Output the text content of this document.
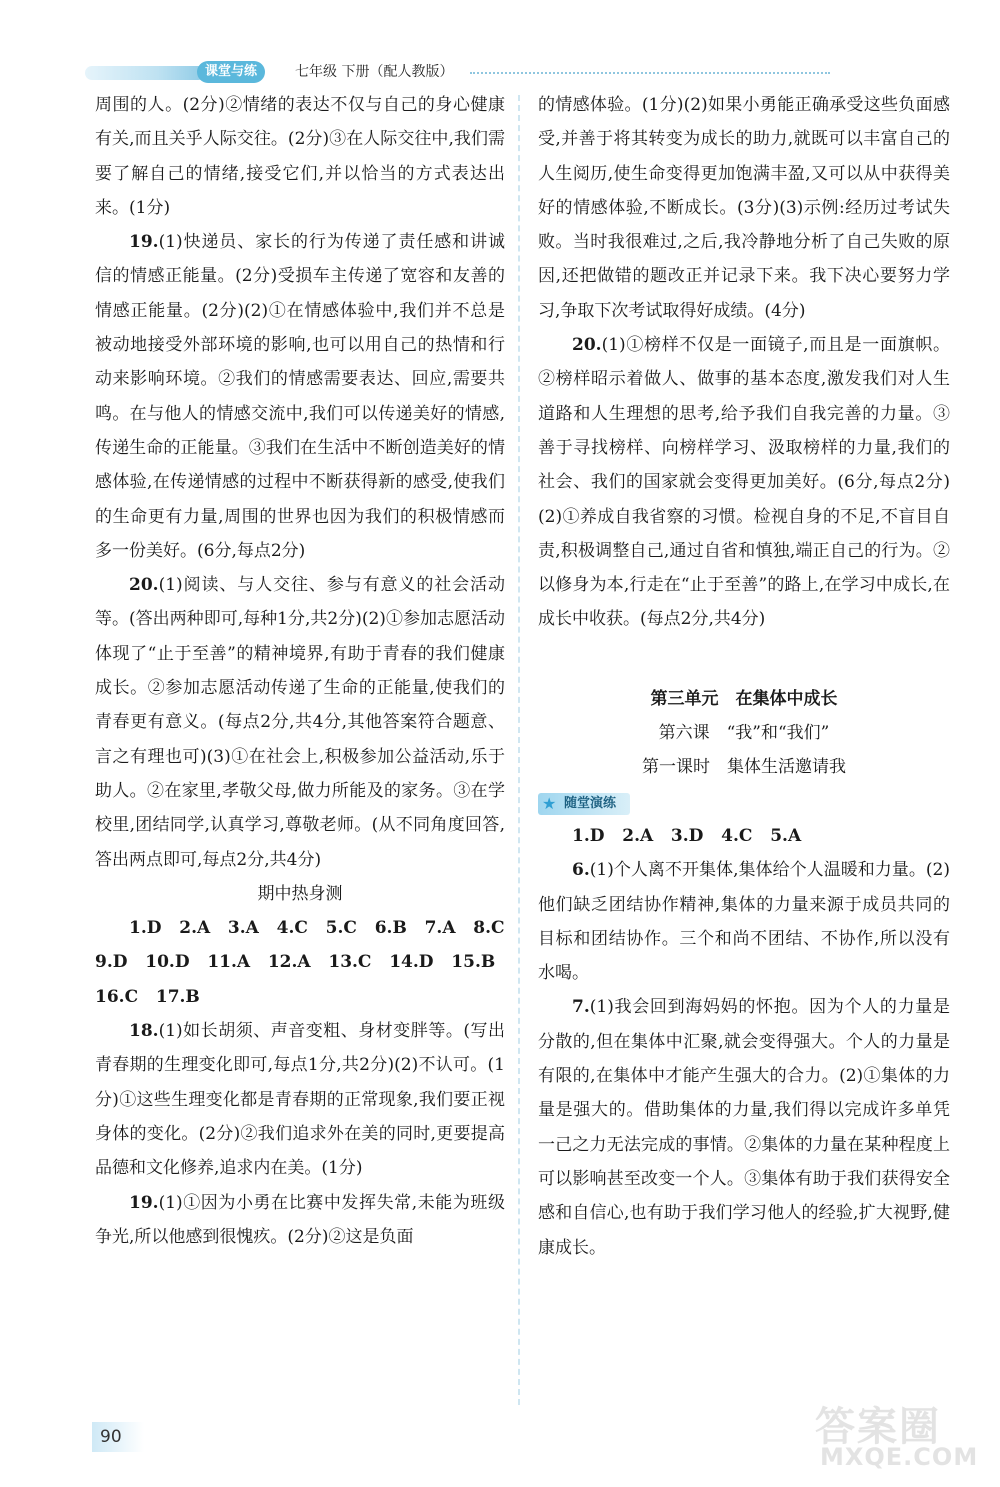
课堂与练	七年级 下册（配人教版）

周围的人。(2分)②情绪的表达不仅与自己的身心健康有关,而且关乎人际交往。(2分)③在人际交往中,我们需要了解自己的情绪,接受它们,并以恰当的方式表达出来。(1分)

19.(1)快递员、家长的行为传递了责任感和讲诚信的情感正能量。(2分)受损车主传递了宽容和友善的情感正能量。(2分)(2)①在情感体验中,我们并不总是被动地接受外部环境的影响,也可以用自己的热情和行动来影响环境。②我们的情感需要表达、回应,需要共鸣。在与他人的情感交流中,我们可以传递美好的情感,传递生命的正能量。③我们在生活中不断创造美好的情感体验,在传递情感的过程中不断获得新的感受,使我们的生命更有力量,周围的世界也因为我们的积极情感而多一份美好。(6分,每点2分)

20.(1)阅读、与人交往、参与有意义的社会活动等。(答出两种即可,每种1分,共2分)(2)①参加志愿活动体现了“止于至善”的精神境界,有助于青春的我们健康成长。②参加志愿活动传递了生命的正能量,使我们的青春更有意义。(每点2分,共4分,其他答案符合题意、言之有理也可)(3)①在社会上,积极参加公益活动,乐于助人。②在家里,孝敬父母,做力所能及的家务。③在学校里,团结同学,认真学习,尊敬老师。(从不同角度回答,答出两点即可,每点2分,共4分)

期中热身测

1.D   2.A   3.A   4.C   5.C   6.B   7.A   8.C

9.D   10.D   11.A   12.A   13.C   14.D   15.B

16.C   17.B

18.(1)如长胡须、声音变粗、身材变胖等。(写出青春期的生理变化即可,每点1分,共2分)(2)不认可。(1分)①这些生理变化都是青春期的正常现象,我们要正视身体的变化。(2分)②我们追求外在美的同时,更要提高品德和文化修养,追求内在美。(1分)

19.(1)①因为小勇在比赛中发挥失常,未能为班级争光,所以他感到很愧疚。(2分)②这是负面

的情感体验。(1分)(2)如果小勇能正确承受这些负面感受,并善于将其转变为成长的助力,就既可以丰富自己的人生阅历,使生命变得更加饱满丰盈,又可以从中获得美好的情感体验,不断成长。(3分)(3)示例:经历过考试失败。当时我很难过,之后,我冷静地分析了自己失败的原因,还把做错的题改正并记录下来。我下决心要努力学习,争取下次考试取得好成绩。(4分)

20.(1)①榜样不仅是一面镜子,而且是一面旗帜。②榜样昭示着做人、做事的基本态度,激发我们对人生道路和人生理想的思考,给予我们自我完善的力量。③善于寻找榜样、向榜样学习、汲取榜样的力量,我们的社会、我们的国家就会变得更加美好。(6分,每点2分)(2)①养成自我省察的习惯。检视自身的不足,不盲目自责,积极调整自己,通过自省和慎独,端正自己的行为。②以修身为本,行走在“止于至善”的路上,在学习中成长,在成长中收获。(每点2分,共4分)

第三单元　在集体中成长

第六课　“我”和“我们”

第一课时　集体生活邀请我

★ 随堂演练

1.D   2.A   3.D   4.C   5.A

6.(1)个人离不开集体,集体给个人温暖和力量。(2)他们缺乏团结协作精神,集体的力量来源于成员共同的目标和团结协作。三个和尚不团结、不协作,所以没有水喝。

7.(1)我会回到海妈妈的怀抱。因为个人的力量是分散的,但在集体中汇聚,就会变得强大。个人的力量是有限的,在集体中才能产生强大的合力。(2)①集体的力量是强大的。借助集体的力量,我们得以完成许多单凭一己之力无法完成的事情。②集体的力量在某种程度上可以影响甚至改变一个人。③集体有助于我们获得安全感和自信心,也有助于我们学习他人的经验,扩大视野,健康成长。

90	答案圈
MXQE.COM
